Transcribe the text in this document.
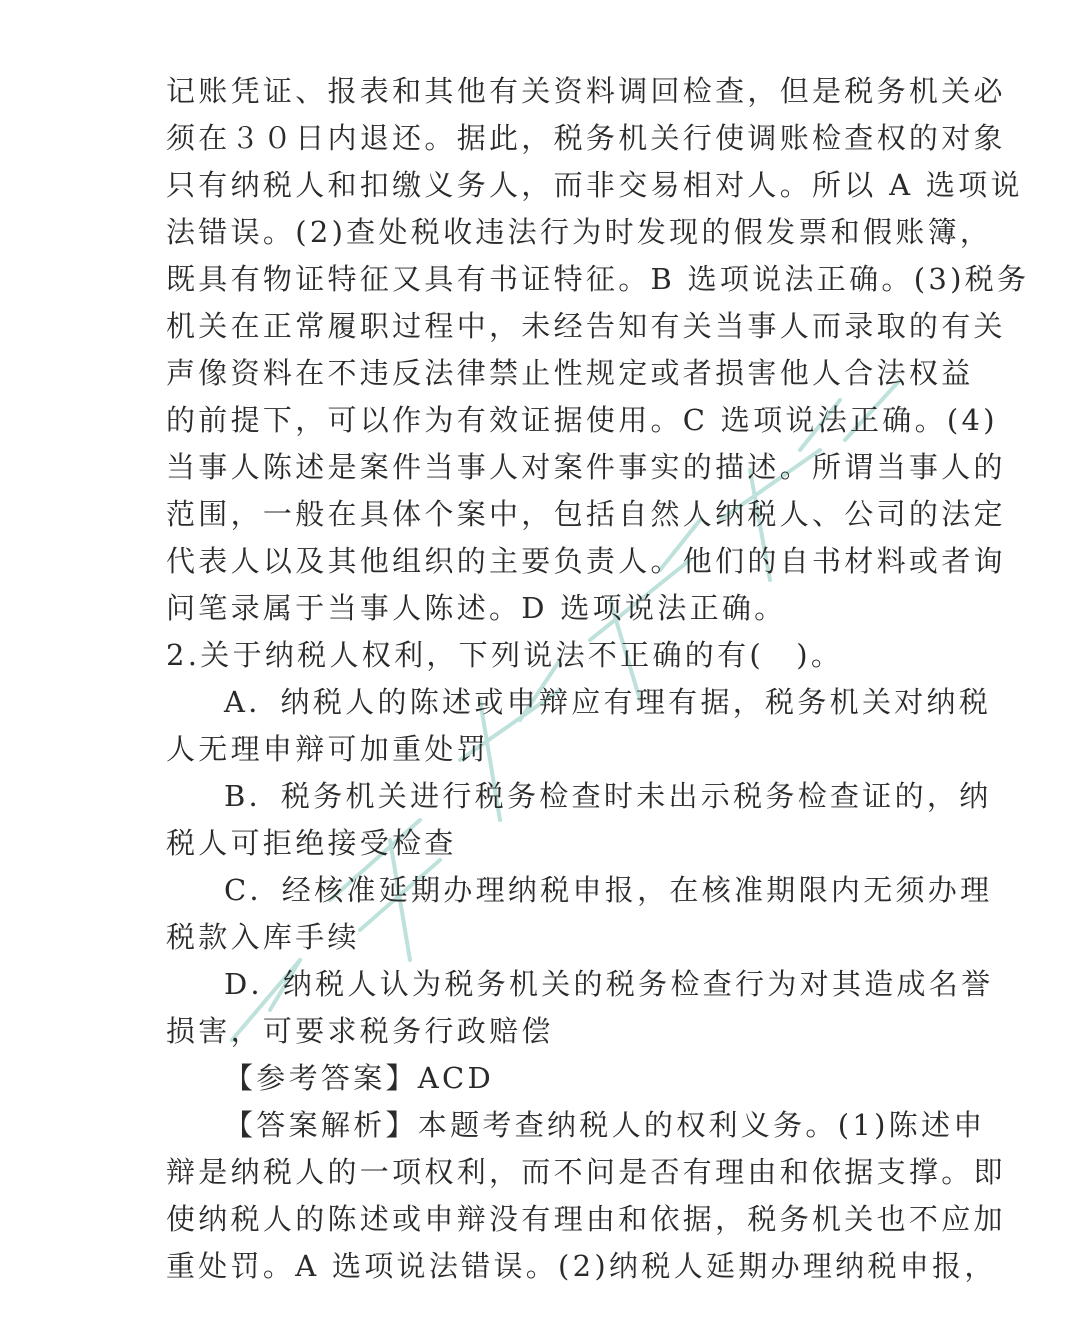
记账凭证、报表和其他有关资料调回检查，但是税务机关必
须在３０日内退还。据此，税务机关行使调账检查权的对象
只有纳税人和扣缴义务人，而非交易相对人。所以 A 选项说
法错误。(2)查处税收违法行为时发现的假发票和假账簿，
既具有物证特征又具有书证特征。B 选项说法正确。(3)税务
机关在正常履职过程中，未经告知有关当事人而录取的有关
声像资料在不违反法律禁止性规定或者损害他人合法权益
的前提下，可以作为有效证据使用。C 选项说法正确。(4)
当事人陈述是案件当事人对案件事实的描述。所谓当事人的
范围，一般在具体个案中，包括自然人纳税人、公司的法定
代表人以及其他组织的主要负责人。他们的自书材料或者询
问笔录属于当事人陈述。D 选项说法正确。
2.关于纳税人权利，下列说法不正确的有(　)。
A．纳税人的陈述或申辩应有理有据，税务机关对纳税
人无理申辩可加重处罚
B．税务机关进行税务检查时未出示税务检查证的，纳
税人可拒绝接受检查
C．经核准延期办理纳税申报，在核准期限内无须办理
税款入库手续
D．纳税人认为税务机关的税务检查行为对其造成名誉
损害，可要求税务行政赔偿
【参考答案】ACD
【答案解析】本题考查纳税人的权利义务。(1)陈述申
辩是纳税人的一项权利，而不问是否有理由和依据支撑。即
使纳税人的陈述或申辩没有理由和依据，税务机关也不应加
重处罚。A 选项说法错误。(2)纳税人延期办理纳税申报，
